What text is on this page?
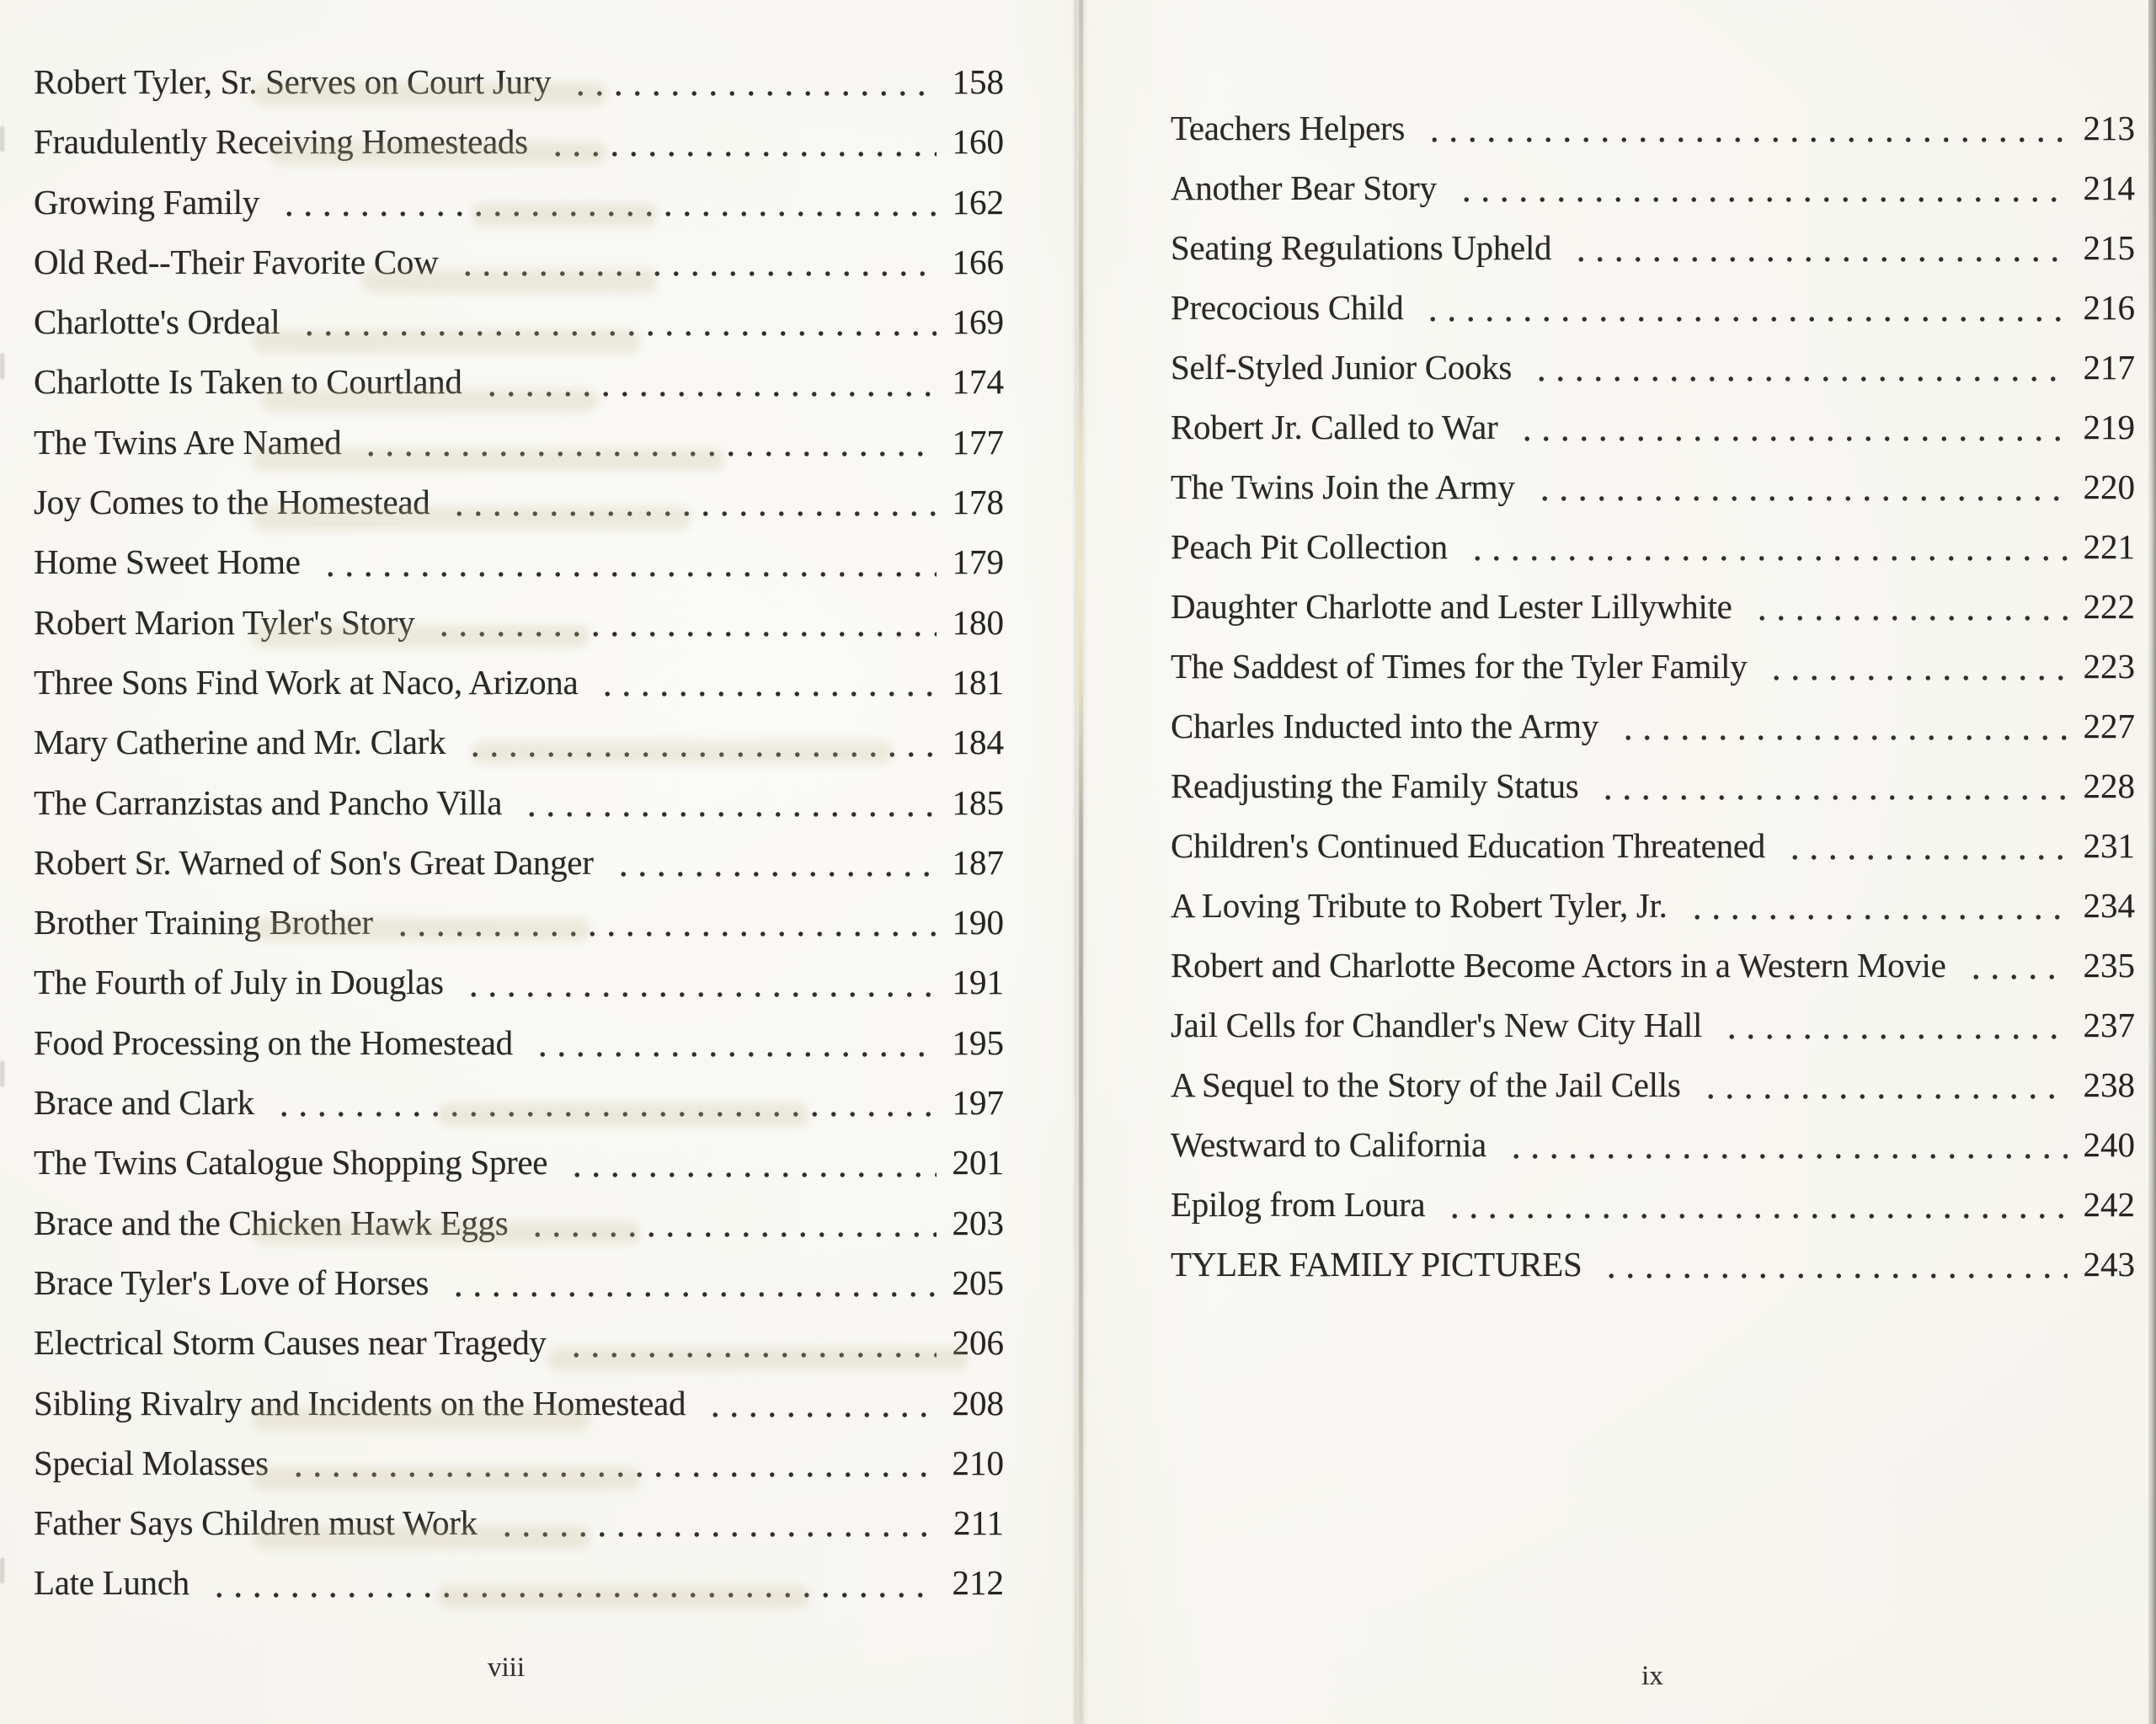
Robert Tyler, Sr. Serves on Court Jury	158
Fraudulently Receiving Homesteads	160
Growing Family	162
Old Red--Their Favorite Cow	166
Charlotte's Ordeal	169
Charlotte Is Taken to Courtland	174
The Twins Are Named	177
Joy Comes to the Homestead	178
Home Sweet Home	179
Robert Marion Tyler's Story	180
Three Sons Find Work at Naco, Arizona	181
Mary Catherine and Mr. Clark	184
The Carranzistas and Pancho Villa	185
Robert Sr. Warned of Son's Great Danger	187
Brother Training Brother	190
The Fourth of July in Douglas	191
Food Processing on the Homestead	195
Brace and Clark	197
The Twins Catalogue Shopping Spree	201
Brace and the Chicken Hawk Eggs	203
Brace Tyler's Love of Horses	205
Electrical Storm Causes near Tragedy	206
Sibling Rivalry and Incidents on the Homestead	208
Special Molasses	210
Father Says Children must Work	211
Late Lunch	212
viii
Teachers Helpers	213
Another Bear Story	214
Seating Regulations Upheld	215
Precocious Child	216
Self-Styled Junior Cooks	217
Robert Jr. Called to War	219
The Twins Join the Army	220
Peach Pit Collection	221
Daughter Charlotte and Lester Lillywhite	222
The Saddest of Times for the Tyler Family	223
Charles Inducted into the Army	227
Readjusting the Family Status	228
Children's Continued Education Threatened	231
A Loving Tribute to Robert Tyler, Jr.	234
Robert and Charlotte Become Actors in a Western Movie	235
Jail Cells for Chandler's New City Hall	237
A Sequel to the Story of the Jail Cells	238
Westward to California	240
Epilog from Loura	242
TYLER FAMILY PICTURES	243
ix
